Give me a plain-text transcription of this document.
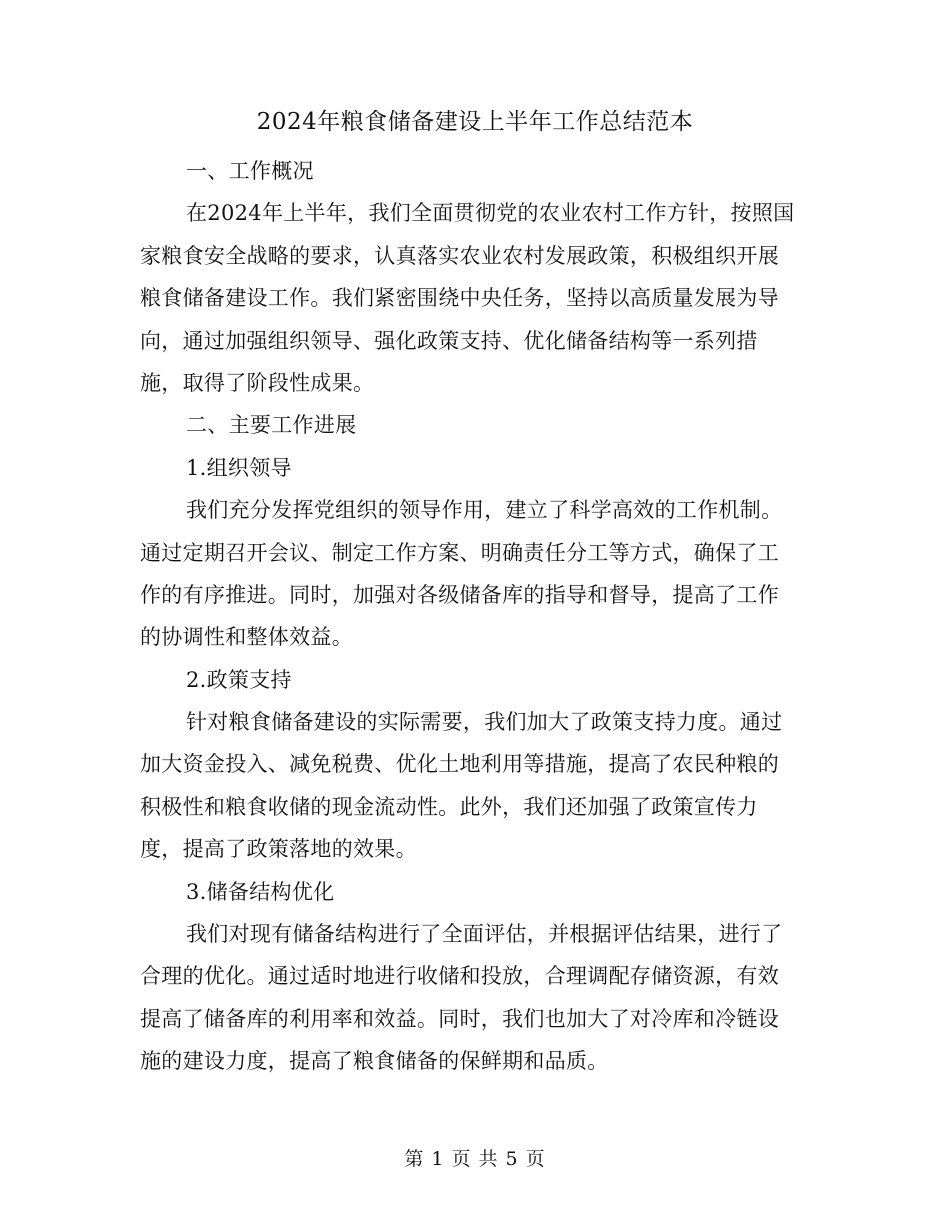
2024年粮食储备建设上半年工作总结范本
一、工作概况
在2024年上半年，我们全面贯彻党的农业农村工作方针，按照国
家粮食安全战略的要求，认真落实农业农村发展政策，积极组织开展
粮食储备建设工作。我们紧密围绕中央任务，坚持以高质量发展为导
向，通过加强组织领导、强化政策支持、优化储备结构等一系列措
施，取得了阶段性成果。
二、主要工作进展
1.组织领导
我们充分发挥党组织的领导作用，建立了科学高效的工作机制。
通过定期召开会议、制定工作方案、明确责任分工等方式，确保了工
作的有序推进。同时，加强对各级储备库的指导和督导，提高了工作
的协调性和整体效益。
2.政策支持
针对粮食储备建设的实际需要，我们加大了政策支持力度。通过
加大资金投入、减免税费、优化土地利用等措施，提高了农民种粮的
积极性和粮食收储的现金流动性。此外，我们还加强了政策宣传力
度，提高了政策落地的效果。
3.储备结构优化
我们对现有储备结构进行了全面评估，并根据评估结果，进行了
合理的优化。通过适时地进行收储和投放，合理调配存储资源，有效
提高了储备库的利用率和效益。同时，我们也加大了对冷库和冷链设
施的建设力度，提高了粮食储备的保鲜期和品质。
第 1 页 共 5 页
